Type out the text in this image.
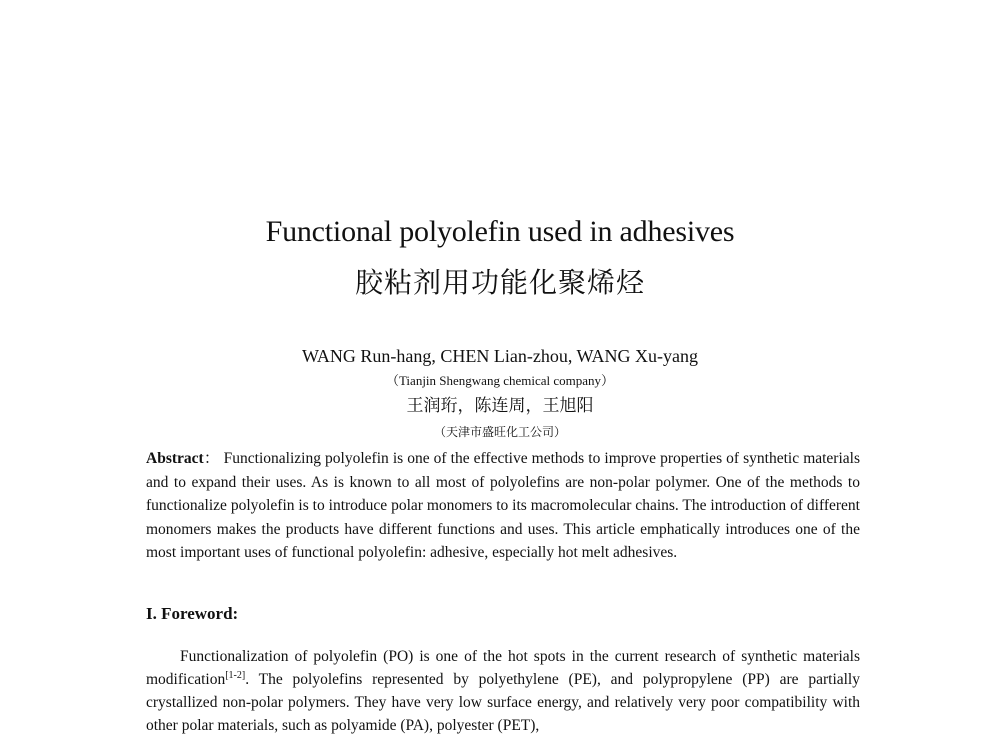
Functional polyolefin used in adhesives
胶粘剂用功能化聚烯烃
WANG Run-hang, CHEN Lian-zhou, WANG Xu-yang
（Tianjin Shengwang chemical company）
王润珩，陈连周，王旭阳
（天津市盛旺化工公司）

Abstract： Functionalizing polyolefin is one of the effective methods to improve properties of synthetic materials and to expand their uses. As is known to all most of polyolefins are non-polar polymer. One of the methods to functionalize polyolefin is to introduce polar monomers to its macromolecular chains. The introduction of different monomers makes the products have different functions and uses. This article emphatically introduces one of the most important uses of functional polyolefin: adhesive, especially hot melt adhesives.

I. Foreword:

Functionalization of polyolefin (PO) is one of the hot spots in the current research of synthetic materials modification[1-2]. The polyolefins represented by polyethylene (PE), and polypropylene (PP) are partially crystallized non-polar polymers. They have very low surface energy, and relatively very poor compatibility with other polar materials, such as polyamide (PA), polyester (PET),
